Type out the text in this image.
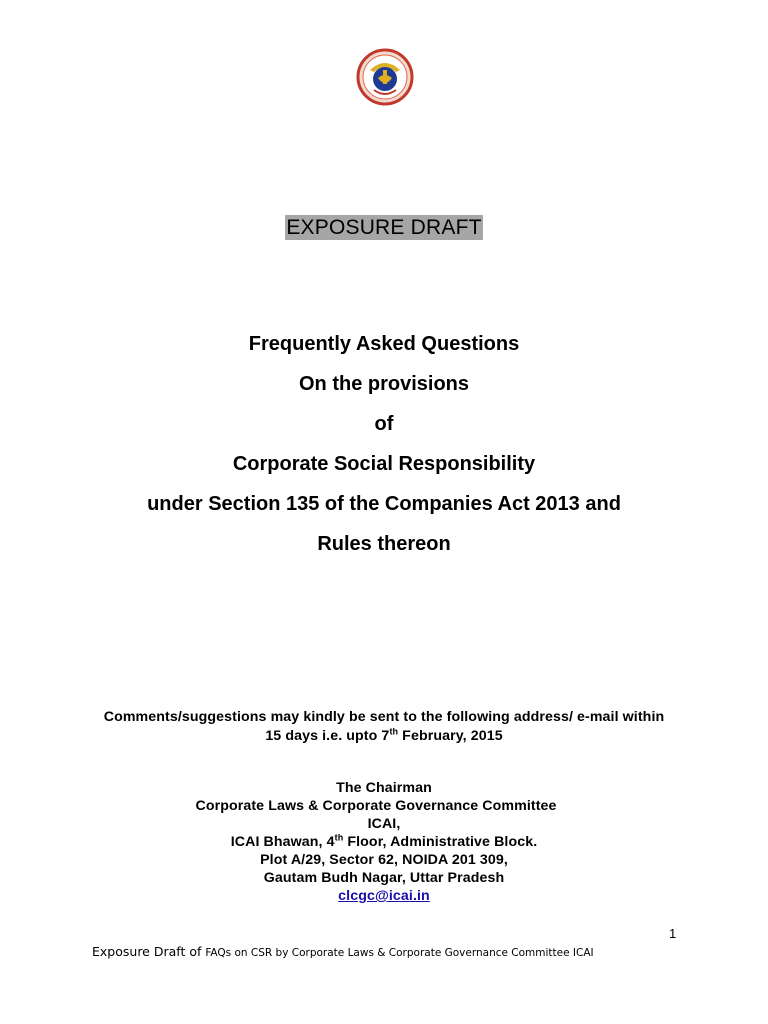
EXPOSURE DRAFT
Frequently Asked Questions
On the provisions
of
Corporate Social Responsibility
under Section 135 of the Companies Act 2013 and
Rules thereon
Comments/suggestions may kindly be sent to the following address/ e-mail within
15 days i.e. upto 7th February, 2015
The Chairman
Corporate Laws & Corporate Governance Committee
ICAI,
ICAI Bhawan, 4th Floor, Administrative Block.
Plot A/29, Sector 62, NOIDA 201 309,
Gautam Budh Nagar, Uttar Pradesh
clcgc@icai.in
1
Exposure Draft of FAQs on CSR by Corporate Laws & Corporate Governance Committee ICAI
